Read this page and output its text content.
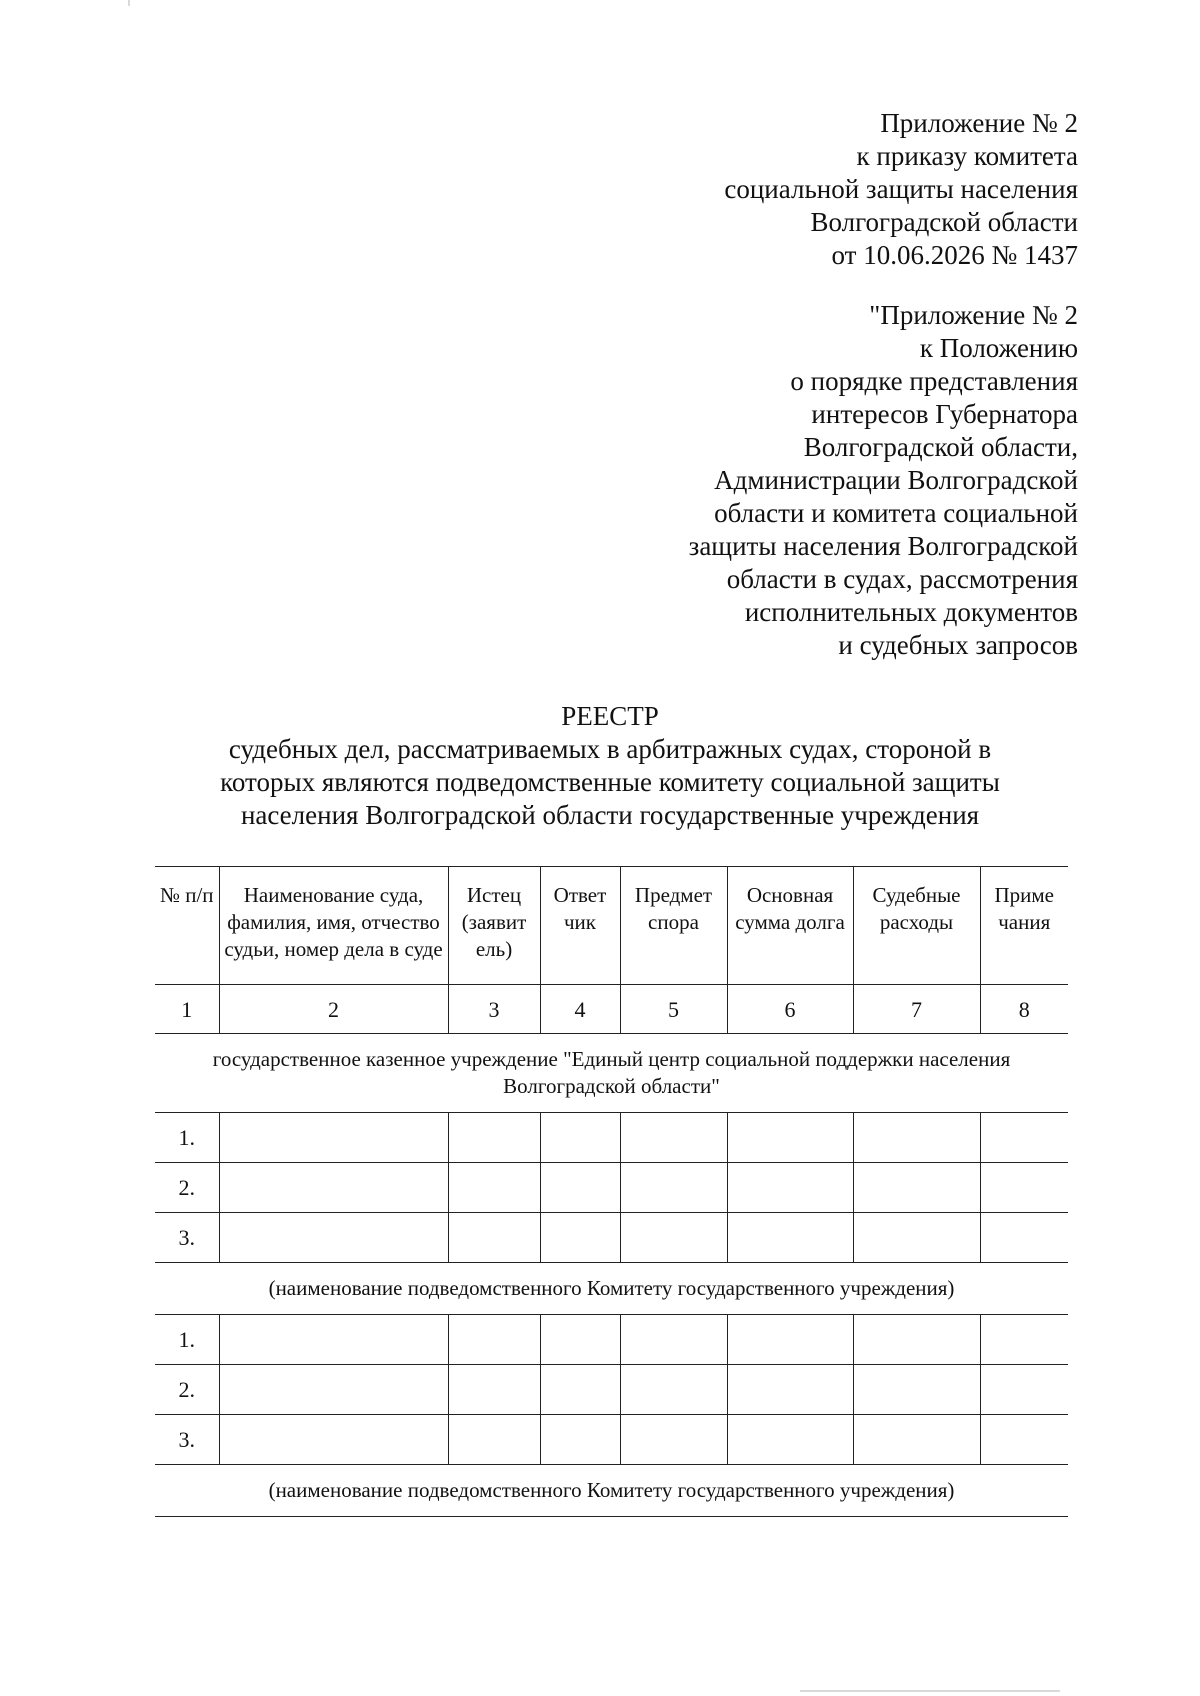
Приложение № 2
к приказу комитета
социальной защиты населения
Волгоградской области
от 10.06.2026 № 1437
"Приложение № 2
к Положению
о порядке представления
интересов Губернатора
Волгоградской области,
Администрации Волгоградской
области и комитета социальной
защиты населения Волгоградской
области в судах, рассмотрения
исполнительных документов
и судебных запросов
РЕЕСТР
судебных дел, рассматриваемых в арбитражных судах, стороной в
которых являются подведомственные комитету социальной защиты
населения Волгоградской области государственные учреждения
№ п/п	Наименование суда, фамилия, имя, отчество судьи, номер дела в суде	Истец (заявит ель)	Ответ чик	Предмет спора	Основная сумма долга	Судебные расходы	Приме чания

1	2	3	4	5	6	7	8
государственное казенное учреждение "Единый центр социальной поддержки населения Волгоградской области"							
1.							
2.							
3.							
(наименование подведомственного Комитету государственного учреждения)							
1.							
2.							
3.							
(наименование подведомственного Комитету государственного учреждения)							
